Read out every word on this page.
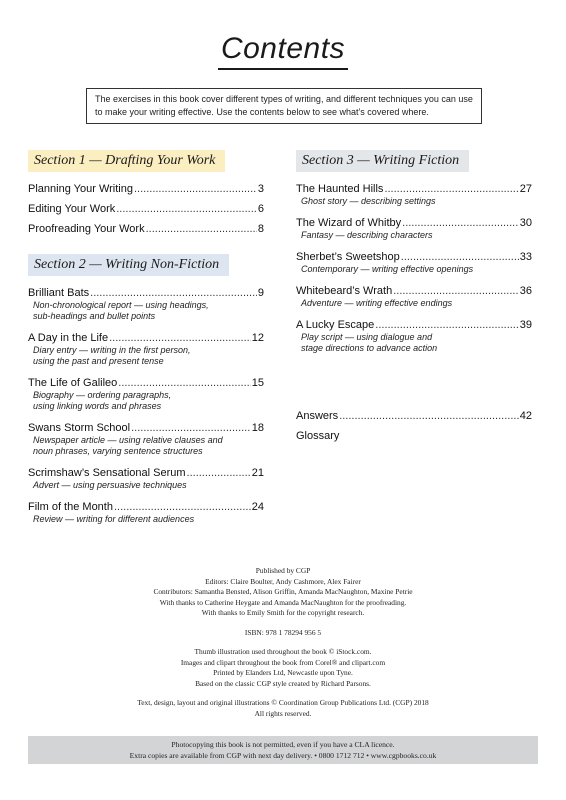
Contents
The exercises in this book cover different types of writing, and different techniques you can use to make your writing effective. Use the contents below to see what’s covered where.
Section 1 — Drafting Your Work
Planning Your Writing .....	3
Editing Your Work .....	6
Proofreading Your Work .....	8
Section 2 — Writing Non-Fiction
Brilliant Bats .....	9
Non-chronological report — using headings,
sub-headings and bullet points
A Day in the Life .....	12
Diary entry — writing in the first person,
using the past and present tense
The Life of Galileo .....	15
Biography — ordering paragraphs,
using linking words and phrases
Swans Storm School .....	18
Newspaper article — using relative clauses and
noun phrases, varying sentence structures
Scrimshaw’s Sensational Serum .....	21
Advert — using persuasive techniques
Film of the Month .....	24
Review — writing for different audiences
Section 3 — Writing Fiction
The Haunted Hills .....	27
Ghost story — describing settings
The Wizard of Whitby .....	30
Fantasy — describing characters
Sherbet’s Sweetshop .....	33
Contemporary — writing effective openings
Whitebeard’s Wrath .....	36
Adventure — writing effective endings
A Lucky Escape .....	39
Play script — using dialogue and
stage directions to advance action
Answers .....	42
Glossary
Published by CGP
Editors: Claire Boulter, Andy Cashmore, Alex Fairer
Contributors: Samantha Bensted, Alison Griffin, Amanda MacNaughton, Maxine Petrie
With thanks to Catherine Heygate and Amanda MacNaughton for the proofreading.
With thanks to Emily Smith for the copyright research.
ISBN: 978 1 78294 956 5
Thumb illustration used throughout the book © iStock.com.
Images and clipart throughout the book from Corel® and clipart.com
Printed by Elanders Ltd, Newcastle upon Tyne.
Based on the classic CGP style created by Richard Parsons.
Text, design, layout and original illustrations © Coordination Group Publications Ltd. (CGP) 2018
All rights reserved.
Photocopying this book is not permitted, even if you have a CLA licence.
Extra copies are available from CGP with next day delivery. • 0800 1712 712 • www.cgpbooks.co.uk
